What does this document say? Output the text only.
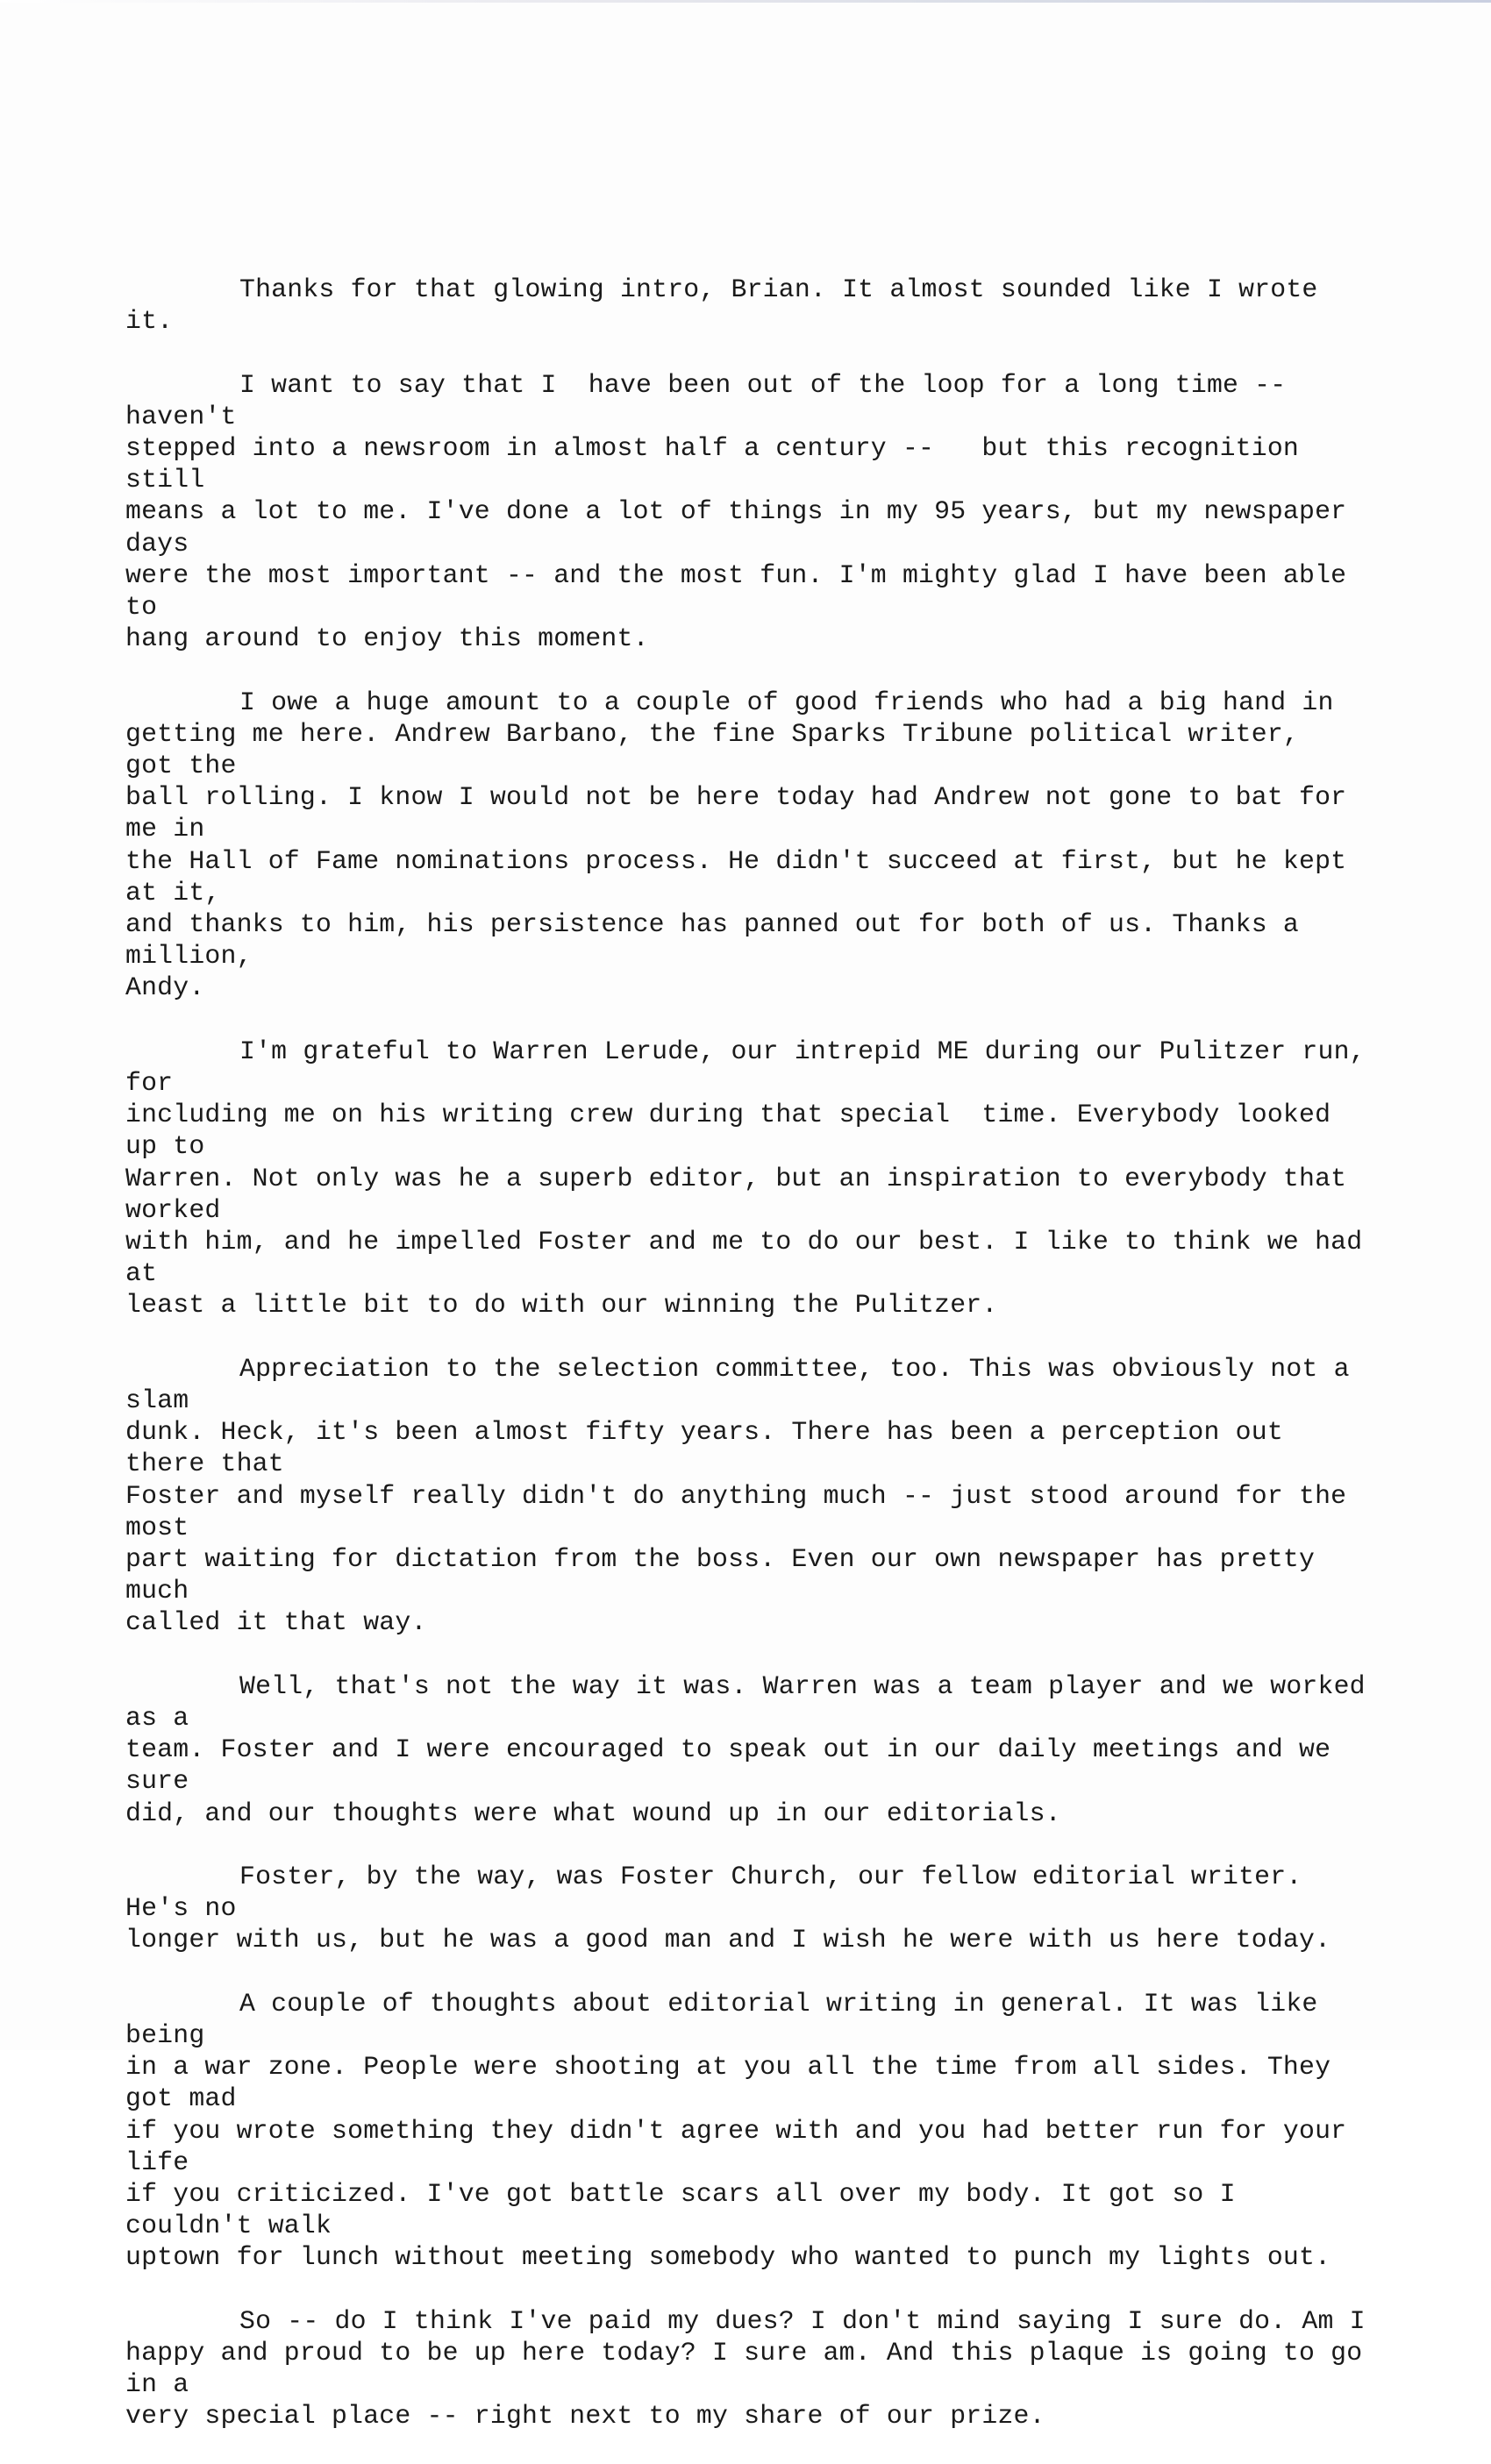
Thanks for that glowing intro, Brian. It almost sounded like I wrote it.

I want to say that I  have been out of the loop for a long time -- haven't
stepped into a newsroom in almost half a century --   but this recognition still
means a lot to me. I've done a lot of things in my 95 years, but my newspaper days
were the most important -- and the most fun. I'm mighty glad I have been able to
hang around to enjoy this moment.

I owe a huge amount to a couple of good friends who had a big hand in
getting me here. Andrew Barbano, the fine Sparks Tribune political writer,  got the
ball rolling. I know I would not be here today had Andrew not gone to bat for me in
the Hall of Fame nominations process. He didn't succeed at first, but he kept at it,
and thanks to him, his persistence has panned out for both of us. Thanks a million,
Andy.

I'm grateful to Warren Lerude, our intrepid ME during our Pulitzer run, for
including me on his writing crew during that special  time. Everybody looked up to
Warren. Not only was he a superb editor, but an inspiration to everybody that worked
with him, and he impelled Foster and me to do our best. I like to think we had at
least a little bit to do with our winning the Pulitzer.

Appreciation to the selection committee, too. This was obviously not a slam
dunk. Heck, it's been almost fifty years. There has been a perception out there that
Foster and myself really didn't do anything much -- just stood around for the most
part waiting for dictation from the boss. Even our own newspaper has pretty much
called it that way.

Well, that's not the way it was. Warren was a team player and we worked as a
team. Foster and I were encouraged to speak out in our daily meetings and we sure
did, and our thoughts were what wound up in our editorials.

Foster, by the way, was Foster Church, our fellow editorial writer. He's no
longer with us, but he was a good man and I wish he were with us here today.

A couple of thoughts about editorial writing in general. It was like being
in a war zone. People were shooting at you all the time from all sides. They got mad
if you wrote something they didn't agree with and you had better run for your life
if you criticized. I've got battle scars all over my body. It got so I couldn't walk
uptown for lunch without meeting somebody who wanted to punch my lights out.

So -- do I think I've paid my dues? I don't mind saying I sure do. Am I
happy and proud to be up here today? I sure am. And this plaque is going to go in a
very special place -- right next to my share of our prize.
